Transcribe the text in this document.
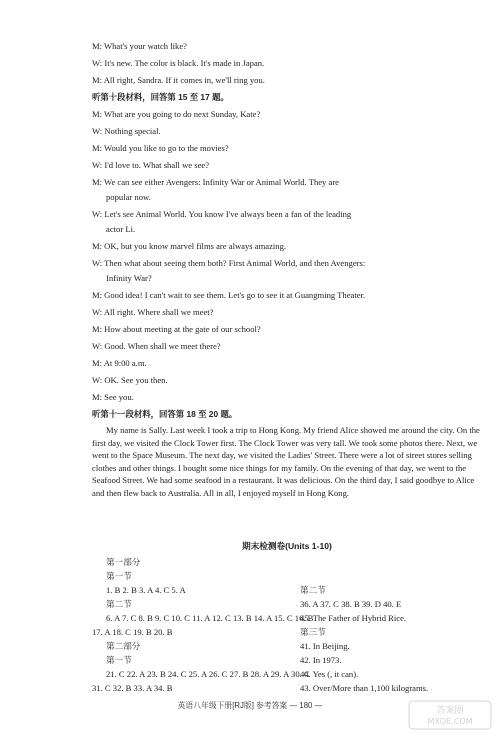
M: What's your watch like?
W: It's new. The color is black. It's made in Japan.
M: All right, Sandra. If it comes in, we'll ring you.
听第十段材料，回答第 15 至 17 题。
M: What are you going to do next Sunday, Kate?
W: Nothing special.
M: Would you like to go to the movies?
W: I'd love to. What shall we see?
M: We can see either Avengers: Infinity War or Animal World. They are
popular now.
W: Let's see Animal World. You know I've always been a fan of the leading
actor Li.
M: OK, but you know marvel films are always amazing.
W: Then what about seeing them both? First Animal World, and then Avengers:
Infinity War?
M: Good idea! I can't wait to see them. Let's go to see it at Guangming Theater.
W: All right. Where shall we meet?
M: How about meeting at the gate of our school?
W: Good. When shall we meet there?
M: At 9:00 a.m.
W: OK. See you then.
M: See you.
听第十一段材料，回答第 18 至 20 题。
My name is Sally. Last week I took a trip to Hong Kong. My friend Alice showed me around the city. On the first day, we visited the Clock Tower first. The Clock Tower was very tall. We took some photos there. Next, we went to the Space Museum. The next day, we visited the Ladies' Street. There were a lot of street stores selling clothes and other things. I bought some nice things for my family. On the evening of that day, we went to the Seafood Street. We had some seafood in a restaurant. It was delicious. On the third day, I said goodbye to Alice and then flew back to Australia. All in all, I enjoyed myself in Hong Kong.
期末检测卷(Units 1-10)
第一部分
第一节
1. B 2. B 3. A 4. C 5. A
第二节
6. A 7. C 8. B 9. C 10. C 11. A 12. C 13. B 14. A 15. C 16. B
17. A 18. C 19. B 20. B
第二部分
第一节
21. C 22. A 23. B 24. C 25. A 26. C 27. B 28. A 29. A 30. C
31. C 32. B 33. A 34. B
第二节
36. A 37. C 38. B 39. D 40. E
第三节
41. In Beijing.
42. In 1973.
43. Over/More than 1,100 kilograms.
44. Yes (, it can).
45. The Father of Hybrid Rice.
英语八年级下册[RJ版] 参考答案 — 180 —
答案圈
MXQE.COM
